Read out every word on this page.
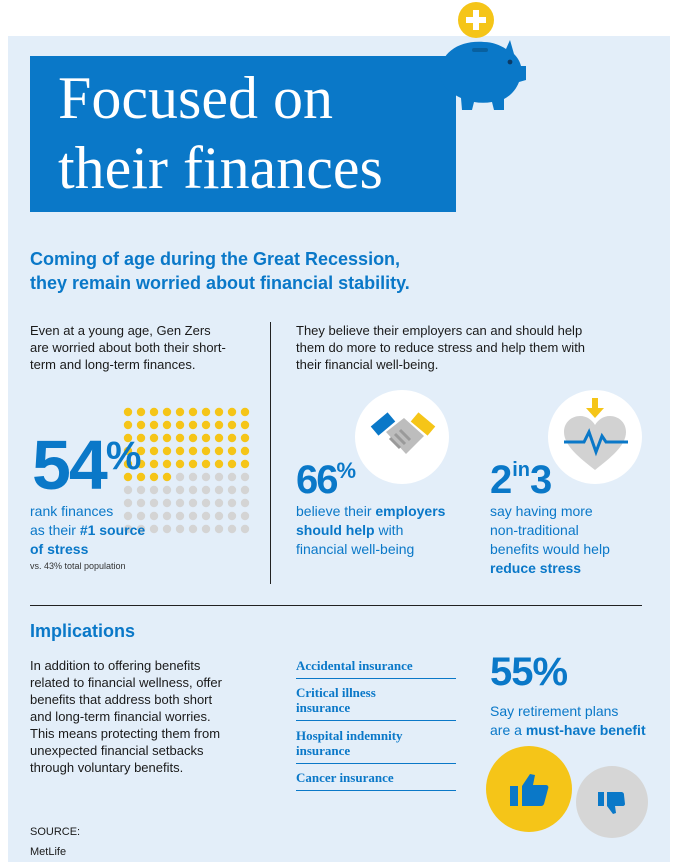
Focused on
their finances
Coming of age during the Great Recession,
they remain worried about financial stability.
Even at a young age, Gen Zers
are worried about both their short-
term and long-term finances.
They believe their employers can and should help
them do more to reduce stress and help them with
their financial well-being.
54%
rank finances
as their #1 source
of stress
vs. 43% total population
66%
believe their employers
should help with
financial well-being
$2^{in}3$
say having more
non-traditional
benefits would help
reduce stress
Implications
In addition to offering benefits
related to financial wellness, offer
benefits that address both short
and long-term financial worries.
This means protecting them from
unexpected financial setbacks
through voluntary benefits.
Accidental insurance
Critical illness
insurance
Hospital indemnity
insurance
Cancer insurance
55%
Say retirement plans
are a must-have benefit
SOURCE:
MetLife
